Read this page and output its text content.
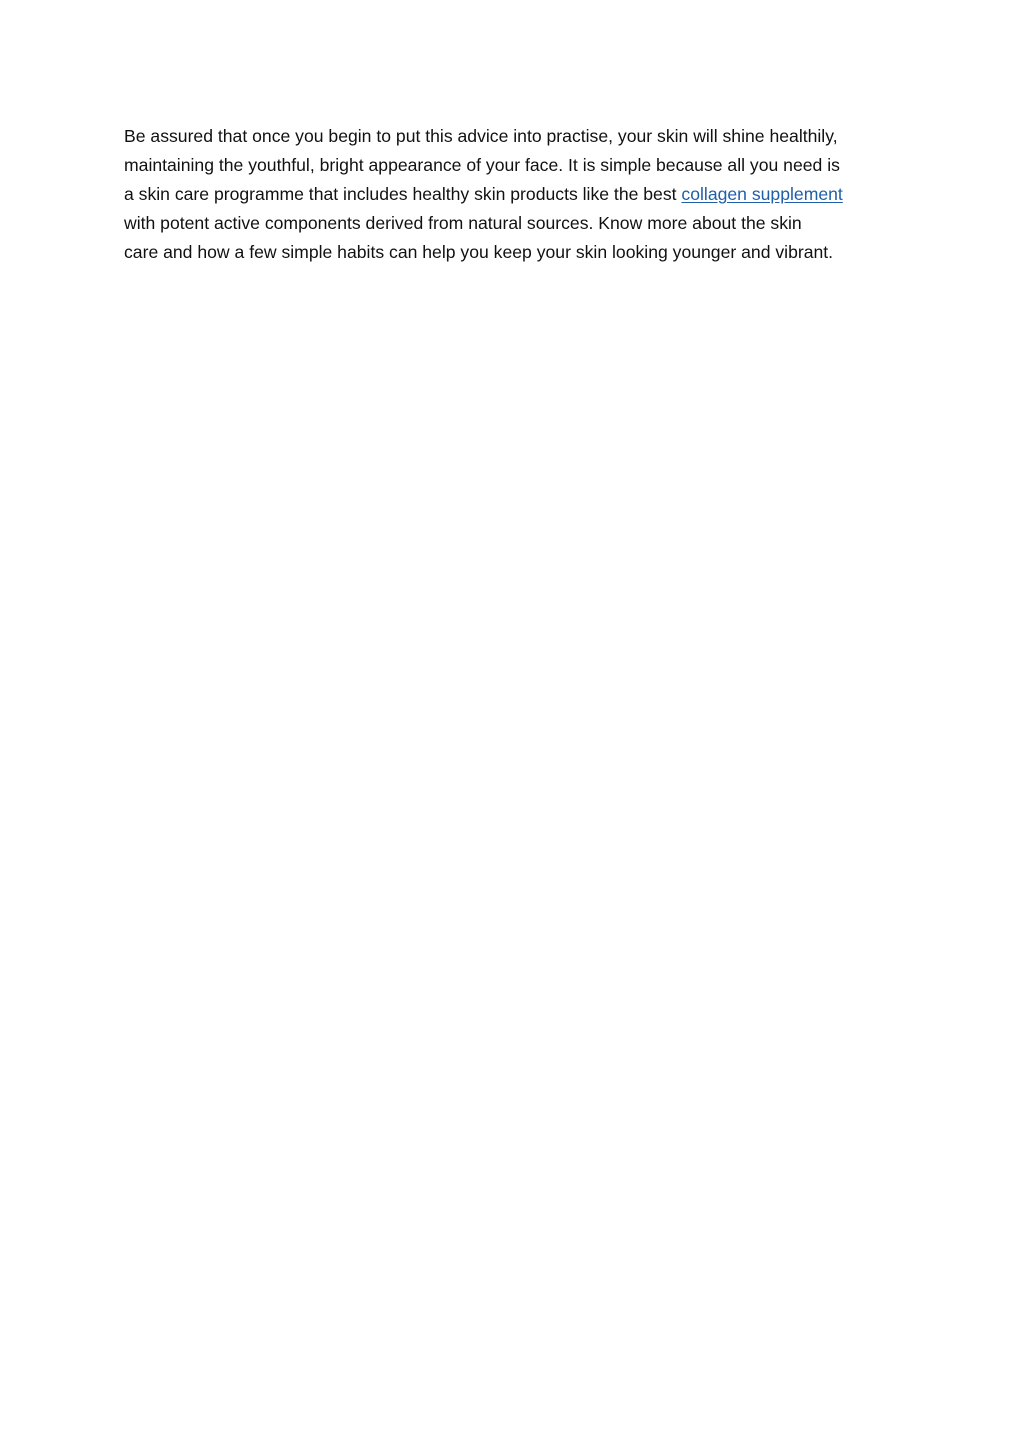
Be assured that once you begin to put this advice into practise, your skin will shine healthily,
maintaining the youthful, bright appearance of your face. It is simple because all you need is
a skin care programme that includes healthy skin products like the best collagen supplement
with potent active components derived from natural sources. Know more about the skin
care and how a few simple habits can help you keep your skin looking younger and vibrant.
